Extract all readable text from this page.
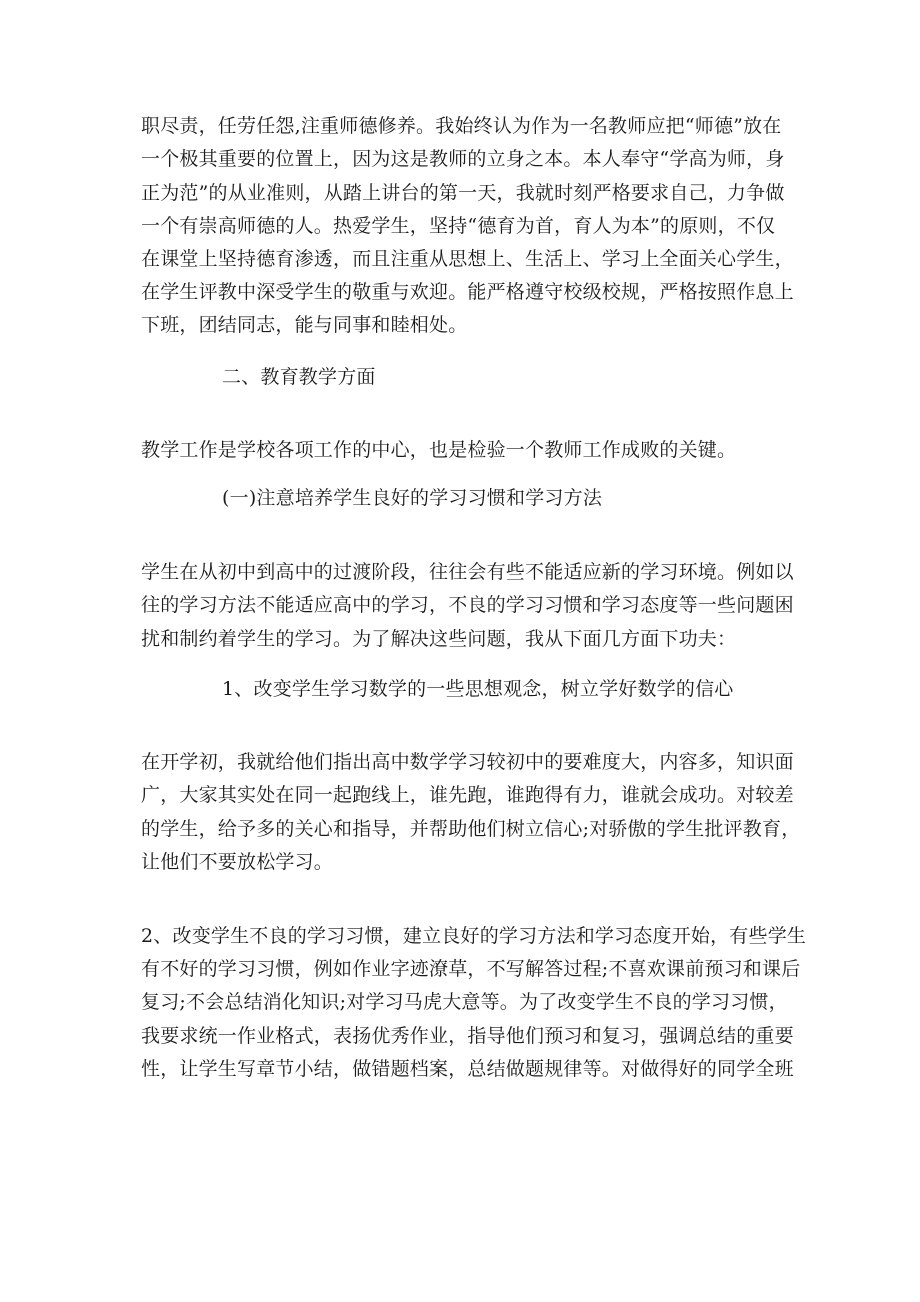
职尽责，任劳任怨,注重师德修养。我始终认为作为一名教师应把“师德”放在

一个极其重要的位置上，因为这是教师的立身之本。本人奉守“学高为师，身

正为范”的从业准则，从踏上讲台的第一天，我就时刻严格要求自己，力争做

一个有崇高师德的人。热爱学生，坚持“德育为首，育人为本”的原则，不仅

在课堂上坚持德育渗透，而且注重从思想上、生活上、学习上全面关心学生，

在学生评教中深受学生的敬重与欢迎。能严格遵守校级校规，严格按照作息上

下班，团结同志，能与同事和睦相处。

二、教育教学方面

教学工作是学校各项工作的中心，也是检验一个教师工作成败的关键。

(一)注意培养学生良好的学习习惯和学习方法

学生在从初中到高中的过渡阶段，往往会有些不能适应新的学习环境。例如以

往的学习方法不能适应高中的学习，不良的学习习惯和学习态度等一些问题困

扰和制约着学生的学习。为了解决这些问题，我从下面几方面下功夫：

1、改变学生学习数学的一些思想观念，树立学好数学的信心

在开学初，我就给他们指出高中数学学习较初中的要难度大，内容多，知识面

广，大家其实处在同一起跑线上，谁先跑，谁跑得有力，谁就会成功。对较差

的学生，给予多的关心和指导，并帮助他们树立信心;对骄傲的学生批评教育，

让他们不要放松学习。

2、改变学生不良的学习习惯，建立良好的学习方法和学习态度开始，有些学生

有不好的学习习惯，例如作业字迹潦草，不写解答过程;不喜欢课前预习和课后

复习;不会总结消化知识;对学习马虎大意等。为了改变学生不良的学习习惯，

我要求统一作业格式，表扬优秀作业，指导他们预习和复习，强调总结的重要

性，让学生写章节小结，做错题档案，总结做题规律等。对做得好的同学全班
